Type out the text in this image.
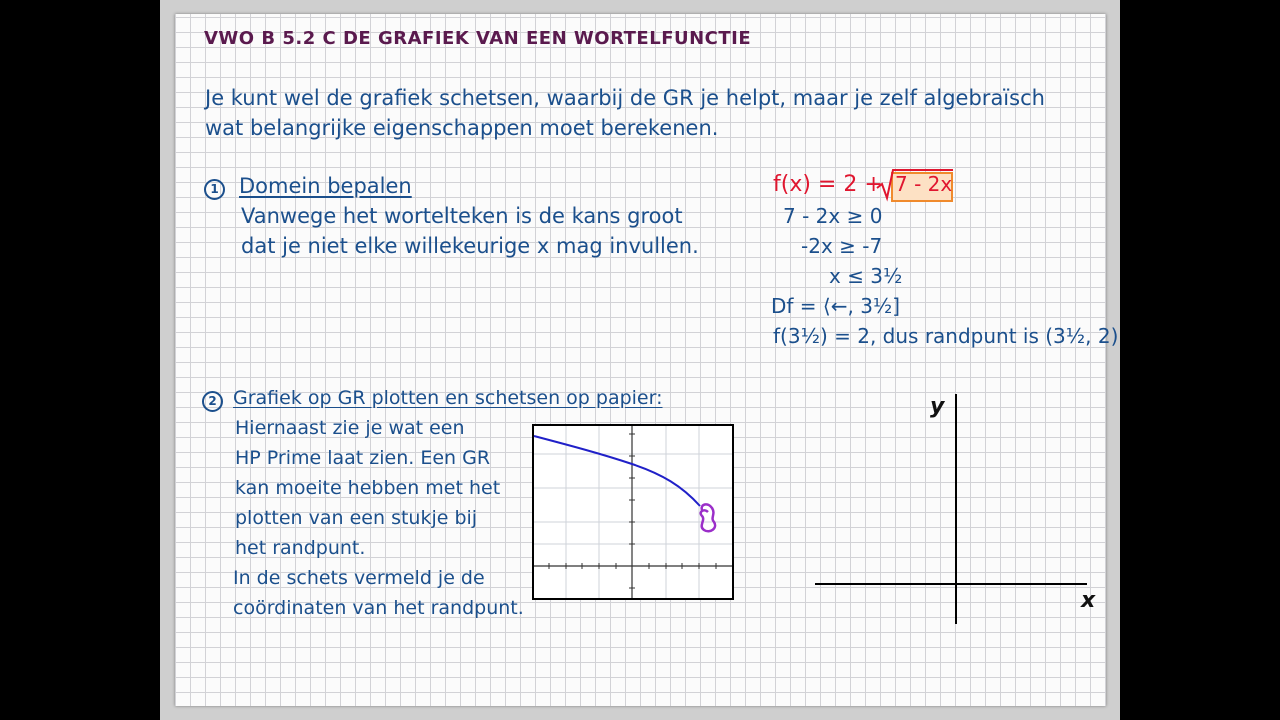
VWO B 5.2 C DE GRAFIEK VAN EEN WORTELFUNCTIE
Je kunt wel de grafiek schetsen, waarbij de GR je helpt, maar je zelf algebraïsch
wat belangrijke eigenschappen moet berekenen.
1 Domein bepalen
Vanwege het wortelteken is de kans groot
dat je niet elke willekeurige x mag invullen.
f(x) = 2 + 7 - 2x
7 - 2x ≥ 0
-2x ≥ -7
x ≤ 3½
Df = ⟨←, 3½]
f(3½) = 2, dus randpunt is (3½, 2)
2 Grafiek op GR plotten en schetsen op papier:
Hiernaast zie je wat een
HP Prime laat zien. Een GR
kan moeite hebben met het
plotten van een stukje bij
het randpunt.
In de schets vermeld je de
coördinaten van het randpunt.
y
x
